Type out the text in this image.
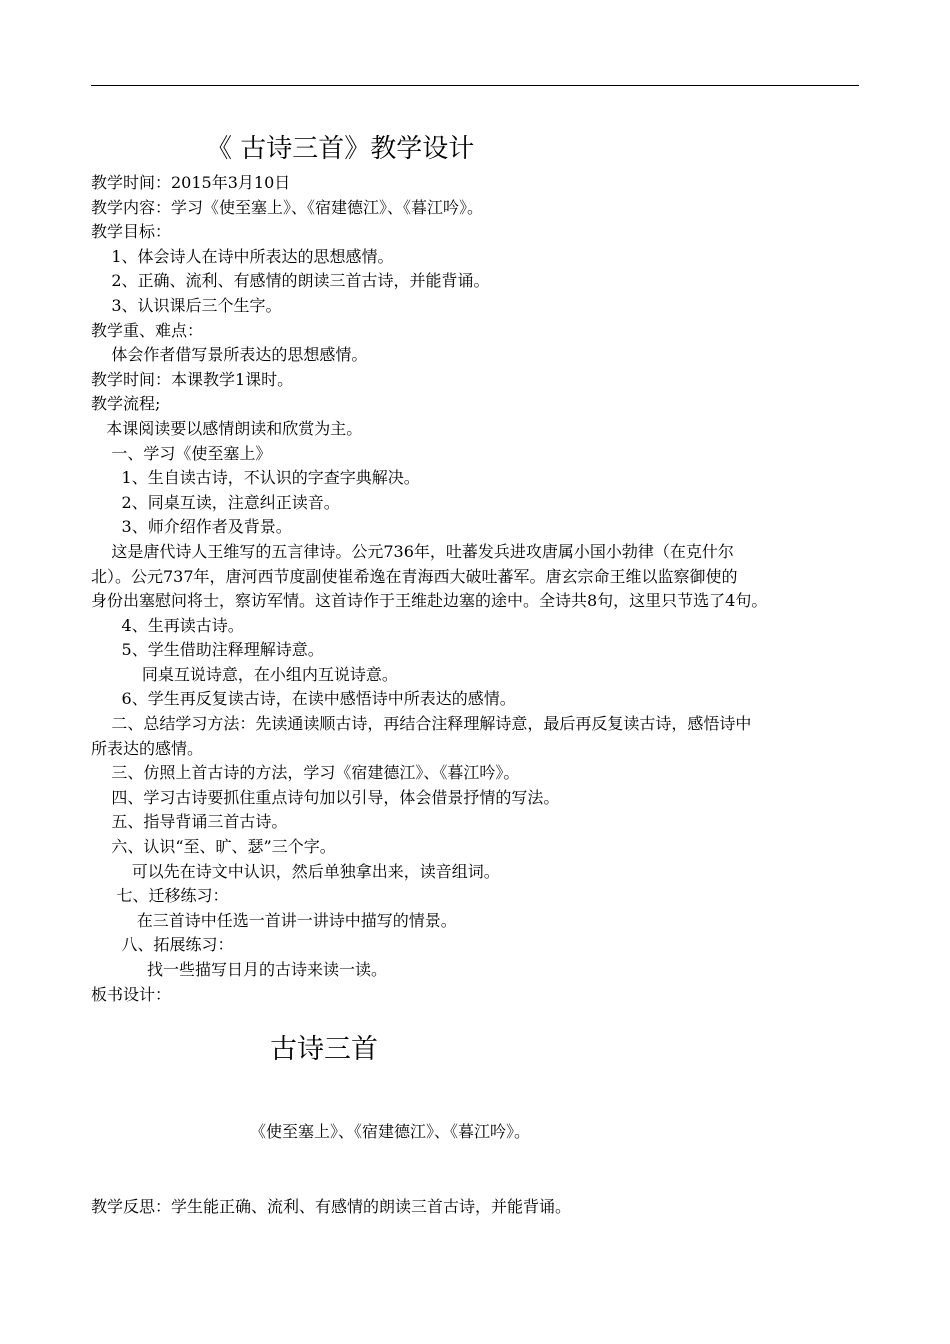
《 古诗三首》教学设计

教学时间：2015年3月10日

教学内容：学习《使至塞上》、《宿建德江》、《暮江吟》。

教学目标：

1、体会诗人在诗中所表达的思想感情。

2、正确、流利、有感情的朗读三首古诗，并能背诵。

3、认识课后三个生字。

教学重、难点：

体会作者借写景所表达的思想感情。

教学时间：本课教学1课时。

教学流程;

本课阅读要以感情朗读和欣赏为主。

一、学习《使至塞上》

1、生自读古诗，不认识的字查字典解决。

2、同桌互读，注意纠正读音。

3、师介绍作者及背景。

这是唐代诗人王维写的五言律诗。公元736年，吐蕃发兵进攻唐属小国小勃律（在克什尔

北）。公元737年，唐河西节度副使崔希逸在青海西大破吐蕃军。唐玄宗命王维以监察御使的

身份出塞慰问将士，察访军情。这首诗作于王维赴边塞的途中。全诗共8句，这里只节选了4句。

4、生再读古诗。

5、学生借助注释理解诗意。

同桌互说诗意，在小组内互说诗意。

6、学生再反复读古诗，在读中感悟诗中所表达的感情。

二、总结学习方法：先读通读顺古诗，再结合注释理解诗意，最后再反复读古诗，感悟诗中

所表达的感情。

三、仿照上首古诗的方法，学习《宿建德江》、《暮江吟》。

四、学习古诗要抓住重点诗句加以引导，体会借景抒情的写法。

五、指导背诵三首古诗。

六、认识“至、旷、瑟”三个字。

可以先在诗文中认识，然后单独拿出来，读音组词。

七、迁移练习：

在三首诗中任选一首讲一讲诗中描写的情景。

八、拓展练习：

找一些描写日月的古诗来读一读。

板书设计：

古诗三首
《使至塞上》、《宿建德江》、《暮江吟》。
教学反思：学生能正确、流利、有感情的朗读三首古诗，并能背诵。
